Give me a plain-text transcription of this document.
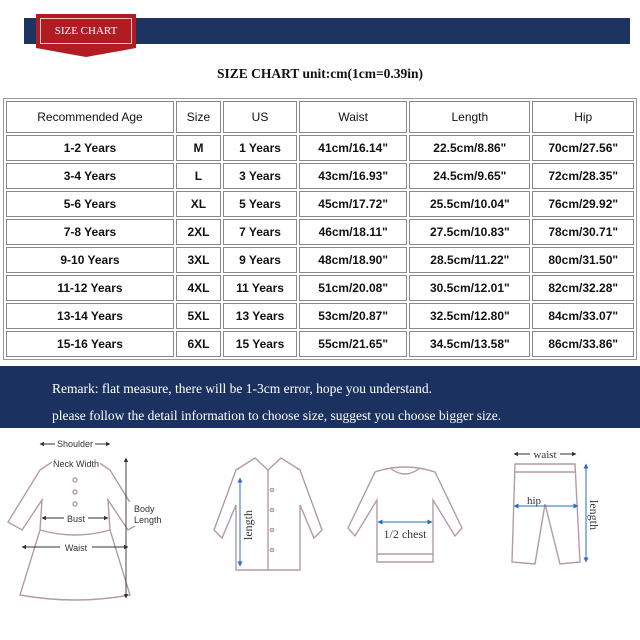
SIZE CHART
SIZE CHART unit:cm(1cm=0.39in)
Recommended Age	Size	US	Waist	Length	Hip
1-2 Years	M	1 Years	41cm/16.14"	22.5cm/8.86"	70cm/27.56"
3-4 Years	L	3 Years	43cm/16.93"	24.5cm/9.65"	72cm/28.35"
5-6 Years	XL	5 Years	45cm/17.72"	25.5cm/10.04"	76cm/29.92"
7-8 Years	2XL	7 Years	46cm/18.11"	27.5cm/10.83"	78cm/30.71"
9-10 Years	3XL	9 Years	48cm/18.90"	28.5cm/11.22"	80cm/31.50"
11-12 Years	4XL	11 Years	51cm/20.08"	30.5cm/12.01"	82cm/32.28"
13-14 Years	5XL	13 Years	53cm/20.87"	32.5cm/12.80"	84cm/33.07"
15-16 Years	6XL	15 Years	55cm/21.65"	34.5cm/13.58"	86cm/33.86"
Remark: flat measure, there will be 1-3cm error, hope you understand.
please follow the detail information to choose size, suggest you choose bigger size.
Shoulder
Neck Width
Bust
Waist
Body
Length	length	1/2 chest
waist
hip	length
